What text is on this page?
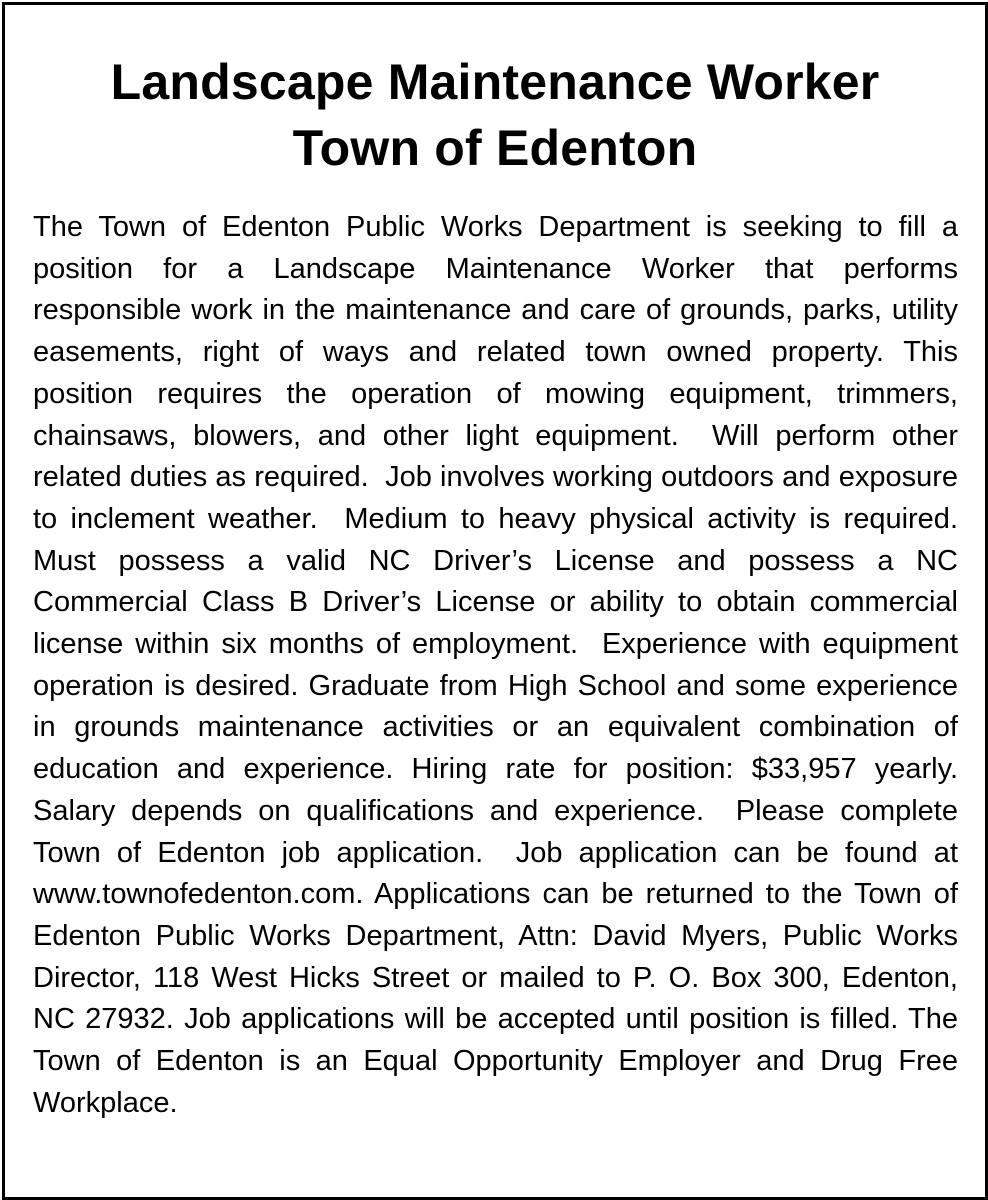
Landscape Maintenance Worker
Town of Edenton

The Town of Edenton Public Works Department is seeking to fill a position for a Landscape Maintenance Worker that performs responsible work in the maintenance and care of grounds, parks, utility easements, right of ways and related town owned property. This position requires the operation of mowing equipment, trimmers, chainsaws, blowers, and other light equipment.  Will perform other related duties as required.  Job involves working outdoors and exposure to inclement weather.  Medium to heavy physical activity is required.   Must possess a valid NC Driver’s License and possess a NC Commercial Class B Driver’s License or ability to obtain commercial license within six months of employment.  Experience with equipment operation is desired. Graduate from High School and some experience in grounds maintenance activities or an equivalent combination of education and experience. Hiring rate for position: $33,957 yearly.  Salary depends on qualifications and experience.  Please complete Town of Edenton job application.  Job application can be found at www.townofedenton.com. Applications can be returned to the Town of Edenton Public Works Department, Attn: David Myers, Public Works Director, 118 West Hicks Street or mailed to P. O. Box 300, Edenton, NC 27932. Job applications will be accepted until position is filled. The Town of Edenton is an Equal Opportunity Employer and Drug Free Workplace.
